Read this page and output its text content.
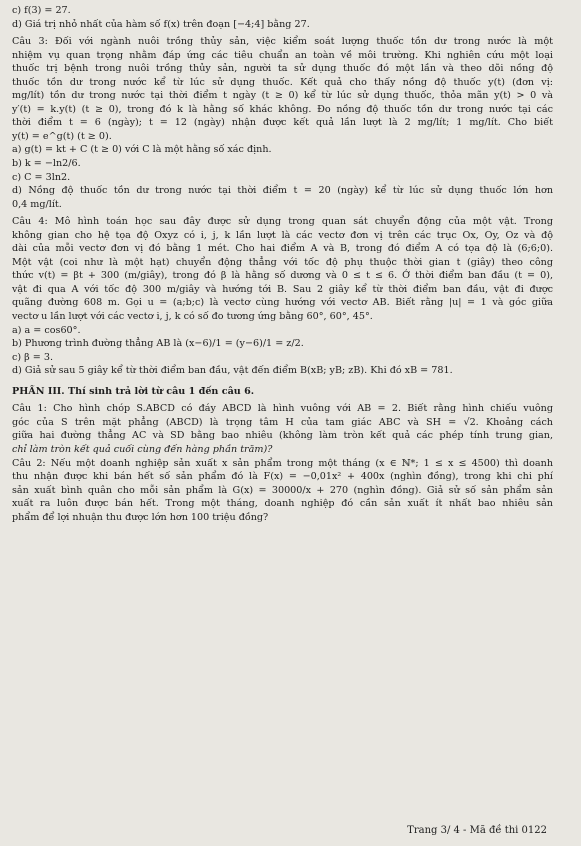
c) f(3) = 27.
d) Giá trị nhỏ nhất của hàm số f(x) trên đoạn [−4;4] bằng 27.
Câu 3: Đối với ngành nuôi trồng thủy sản, việc kiểm soát lượng thuốc tồn dư trong nước là một
nhiệm vụ quan trọng nhằm đáp ứng các tiêu chuẩn an toàn về môi trường. Khi nghiên cứu một loại
thuốc trị bệnh trong nuôi trồng thủy sản, người ta sử dụng thuốc đó một lần và theo dõi nồng độ
thuốc tồn dư trong nước kể từ lúc sử dụng thuốc. Kết quả cho thấy nồng độ thuốc y(t) (đơn vị:
mg/lít) tồn dư trong nước tại thời điểm t ngày (t ≥ 0) kể từ lúc sử dụng thuốc, thỏa mãn y(t) > 0 và
y′(t) = k.y(t) (t ≥ 0), trong đó k là hằng số khác không. Đo nồng độ thuốc tồn dư trong nước tại các
thời điểm t = 6 (ngày); t = 12 (ngày) nhận được kết quả lần lượt là 2 mg/lít; 1 mg/lít. Cho biết
y(t) = e^g(t) (t ≥ 0).
a) g(t) = kt + C (t ≥ 0) với C là một hằng số xác định.
b) k = −ln2/6.
c) C = 3ln2.
d) Nồng độ thuốc tồn dư trong nước tại thời điểm t = 20 (ngày) kể từ lúc sử dụng thuốc lớn hơn
0,4 mg/lít.
Câu 4: Mô hình toán học sau đây được sử dụng trong quan sát chuyển động của một vật. Trong
không gian cho hệ tọa độ Oxyz có i, j, k lần lượt là các vectơ đơn vị trên các trục Ox, Oy, Oz và độ
dài của mỗi vectơ đơn vị đó bằng 1 mét. Cho hai điểm A và B, trong đó điểm A có tọa độ là (6;6;0).
Một vật (coi như là một hạt) chuyển động thẳng với tốc độ phụ thuộc thời gian t (giây) theo công
thức v(t) = βt + 300 (m/giây), trong đó β là hằng số dương và 0 ≤ t ≤ 6. Ở thời điểm ban đầu (t = 0),
vật đi qua A với tốc độ 300 m/giây và hướng tới B. Sau 2 giây kể từ thời điểm ban đầu, vật đi được
quãng đường 608 m. Gọi u = (a;b;c) là vectơ cùng hướng với vectơ AB. Biết rằng |u| = 1 và góc giữa
vectơ u lần lượt với các vectơ i, j, k có số đo tương ứng bằng 60°, 60°, 45°.
a) a = cos60°.
b) Phương trình đường thẳng AB là (x−6)/1 = (y−6)/1 = z/2.
c) β = 3.
d) Giả sử sau 5 giây kể từ thời điểm ban đầu, vật đến điểm B(xB; yB; zB). Khi đó xB = 781.
PHẦN III. Thí sinh trả lời từ câu 1 đến câu 6.
Câu 1: Cho hình chóp S.ABCD có đáy ABCD là hình vuông với AB = 2. Biết rằng hình chiếu vuông
góc của S trên mặt phẳng (ABCD) là trọng tâm H của tam giác ABC và SH = √2. Khoảng cách
giữa hai đường thẳng AC và SD bằng bao nhiêu (không làm tròn kết quả các phép tính trung gian,
chỉ làm tròn kết quả cuối cùng đến hàng phần trăm)?
Câu 2: Nếu một doanh nghiệp sản xuất x sản phẩm trong một tháng (x ∈ ℕ*; 1 ≤ x ≤ 4500) thì doanh
thu nhận được khi bán hết số sản phẩm đó là F(x) = −0,01x² + 400x (nghìn đồng), trong khi chi phí
sản xuất bình quân cho mỗi sản phẩm là G(x) = 30000/x + 270 (nghìn đồng). Giả sử số sản phẩm sản
xuất ra luôn được bán hết. Trong một tháng, doanh nghiệp đó cần sản xuất ít nhất bao nhiêu sản
phẩm để lợi nhuận thu được lớn hơn 100 triệu đồng?
Trang 3/ 4 - Mã đề thi 0122
